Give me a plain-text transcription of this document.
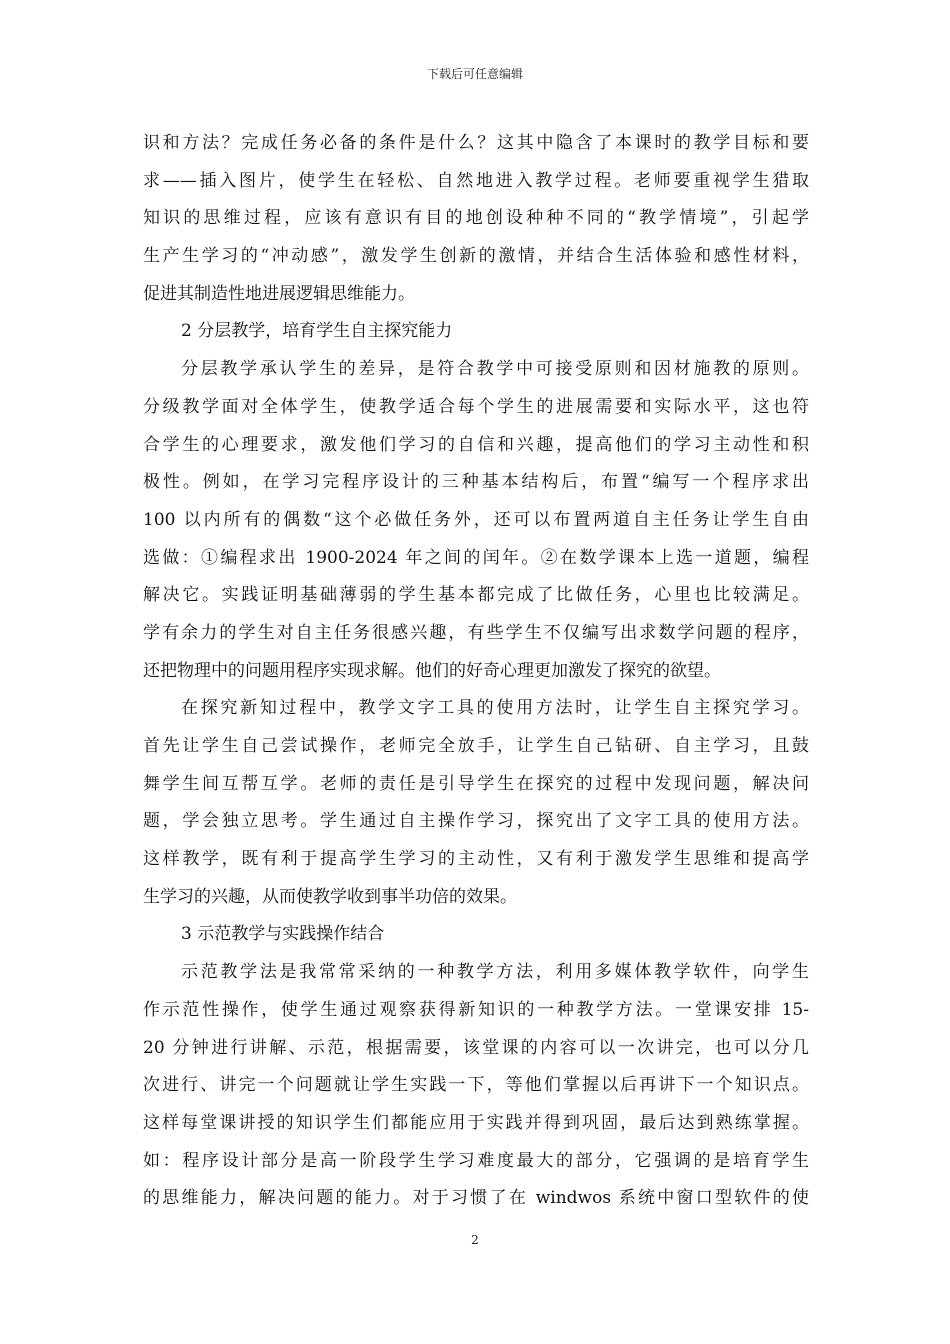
下载后可任意编辑
识和方法？完成任务必备的条件是什么？这其中隐含了本课时的教学目标和要
求——插入图片，使学生在轻松、自然地进入教学过程。老师要重视学生猎取
知识的思维过程，应该有意识有目的地创设种种不同的“教学情境”，引起学
生产生学习的“冲动感”，激发学生创新的激情，并结合生活体验和感性材料，
促进其制造性地进展逻辑思维能力。
2 分层教学，培育学生自主探究能力
分层教学承认学生的差异，是符合教学中可接受原则和因材施教的原则。
分级教学面对全体学生，使教学适合每个学生的进展需要和实际水平，这也符
合学生的心理要求，激发他们学习的自信和兴趣，提高他们的学习主动性和积
极性。例如，在学习完程序设计的三种基本结构后，布置“编写一个程序求出
100 以内所有的偶数“这个必做任务外，还可以布置两道自主任务让学生自由
选做：①编程求出 1900-2024 年之间的闰年。②在数学课本上选一道题，编程
解决它。实践证明基础薄弱的学生基本都完成了比做任务，心里也比较满足。
学有余力的学生对自主任务很感兴趣，有些学生不仅编写出求数学问题的程序，
还把物理中的问题用程序实现求解。他们的好奇心理更加激发了探究的欲望。
在探究新知过程中，教学文字工具的使用方法时，让学生自主探究学习。
首先让学生自己尝试操作，老师完全放手，让学生自己钻研、自主学习，且鼓
舞学生间互帮互学。老师的责任是引导学生在探究的过程中发现问题，解决问
题，学会独立思考。学生通过自主操作学习，探究出了文字工具的使用方法。
这样教学，既有利于提高学生学习的主动性，又有利于激发学生思维和提高学
生学习的兴趣，从而使教学收到事半功倍的效果。
3 示范教学与实践操作结合
示范教学法是我常常采纳的一种教学方法，利用多媒体教学软件，向学生
作示范性操作，使学生通过观察获得新知识的一种教学方法。一堂课安排 15-
20 分钟进行讲解、示范，根据需要，该堂课的内容可以一次讲完，也可以分几
次进行、讲完一个问题就让学生实践一下，等他们掌握以后再讲下一个知识点。
这样每堂课讲授的知识学生们都能应用于实践并得到巩固，最后达到熟练掌握。
如：程序设计部分是高一阶段学生学习难度最大的部分，它强调的是培育学生
的思维能力，解决问题的能力。对于习惯了在 windwos 系统中窗口型软件的使
2
